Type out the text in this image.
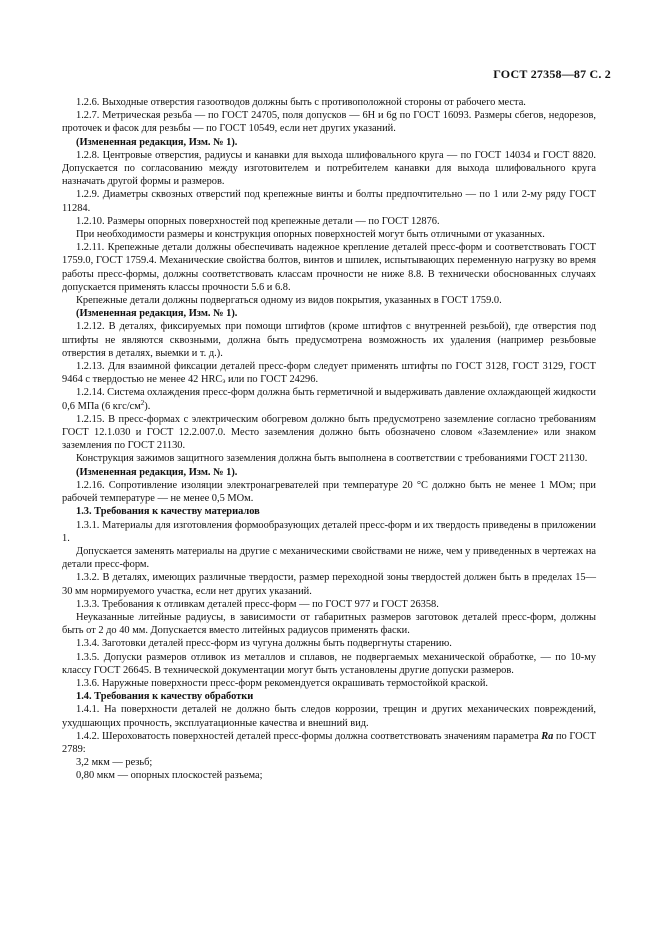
ГОСТ 27358—87 С. 2

1.2.6. Выходные отверстия газоотводов должны быть с противоположной стороны от рабочего места.

1.2.7. Метрическая резьба — по ГОСТ 24705, поля допусков — 6H и 6g по ГОСТ 16093. Размеры сбегов, недорезов, проточек и фасок для резьбы — по ГОСТ 10549, если нет других указаний.

(Измененная редакция, Изм. № 1).

1.2.8. Центровые отверстия, радиусы и канавки для выхода шлифовального круга — по ГОСТ 14034 и ГОСТ 8820. Допускается по согласованию между изготовителем и потребителем канавки для выхода шлифовального круга назначать другой формы и размеров.

1.2.9. Диаметры сквозных отверстий под крепежные винты и болты предпочтительно — по 1 или 2-му ряду ГОСТ 11284.

1.2.10. Размеры опорных поверхностей под крепежные детали — по ГОСТ 12876.

При необходимости размеры и конструкция опорных поверхностей могут быть отличными от указанных.

1.2.11. Крепежные детали должны обеспечивать надежное крепление деталей пресс-форм и соответствовать ГОСТ 1759.0, ГОСТ 1759.4. Механические свойства болтов, винтов и шпилек, испытывающих переменную нагрузку во время работы пресс-формы, должны соответствовать классам прочности не ниже 8.8. В технически обоснованных случаях допускается применять классы прочности 5.6 и 6.8.

Крепежные детали должны подвергаться одному из видов покрытия, указанных в ГОСТ 1759.0.

(Измененная редакция, Изм. № 1).

1.2.12. В деталях, фиксируемых при помощи штифтов (кроме штифтов с внутренней резьбой), где отверстия под штифты не являются сквозными, должна быть предусмотрена возможность их удаления (например резьбовые отверстия в деталях, выемки и т. д.).

1.2.13. Для взаимной фиксации деталей пресс-форм следует применять штифты по ГОСТ 3128, ГОСТ 3129, ГОСТ 9464 с твердостью не менее 42 $HRC_э$ или по ГОСТ 24296.

1.2.14. Система охлаждения пресс-форм должна быть герметичной и выдерживать давление охлаждающей жидкости 0,6 МПа (6 кгс/$см^2$).

1.2.15. В пресс-формах с электрическим обогревом должно быть предусмотрено заземление согласно требованиям ГОСТ 12.1.030 и ГОСТ 12.2.007.0. Место заземления должно быть обозначено словом «Заземление» или знаком заземления по ГОСТ 21130.

Конструкция зажимов защитного заземления должна быть выполнена в соответствии с требованиями ГОСТ 21130.

(Измененная редакция, Изм. № 1).

1.2.16. Сопротивление изоляции электронагревателей при температуре 20 °С должно быть не менее 1 МОм; при рабочей температуре — не менее 0,5 МОм.

1.3. Требования к качеству материалов

1.3.1. Материалы для изготовления формообразующих деталей пресс-форм и их твердость приведены в приложении 1.

Допускается заменять материалы на другие с механическими свойствами не ниже, чем у приведенных в чертежах на детали пресс-форм.

1.3.2. В деталях, имеющих различные твердости, размер переходной зоны твердостей должен быть в пределах 15—30 мм нормируемого участка, если нет других указаний.

1.3.3. Требования к отливкам деталей пресс-форм — по ГОСТ 977 и ГОСТ 26358.

Неуказанные литейные радиусы, в зависимости от габаритных размеров заготовок деталей пресс-форм, должны быть от 2 до 40 мм. Допускается вместо литейных радиусов применять фаски.

1.3.4. Заготовки деталей пресс-форм из чугуна должны быть подвергнуты старению.

1.3.5. Допуски размеров отливок из металлов и сплавов, не подвергаемых механической обработке, — по 10-му классу ГОСТ 26645. В технической документации могут быть установлены другие допуски размеров.

1.3.6. Наружные поверхности пресс-форм рекомендуется окрашивать термостойкой краской.

1.4. Требования к качеству обработки

1.4.1. На поверхности деталей не должно быть следов коррозии, трещин и других механических повреждений, ухудшающих прочность, эксплуатационные качества и внешний вид.

1.4.2. Шероховатость поверхностей деталей пресс-формы должна соответствовать значениям параметра Ra по ГОСТ 2789:

3,2 мкм — резьб;

0,80 мкм — опорных плоскостей разъема;
